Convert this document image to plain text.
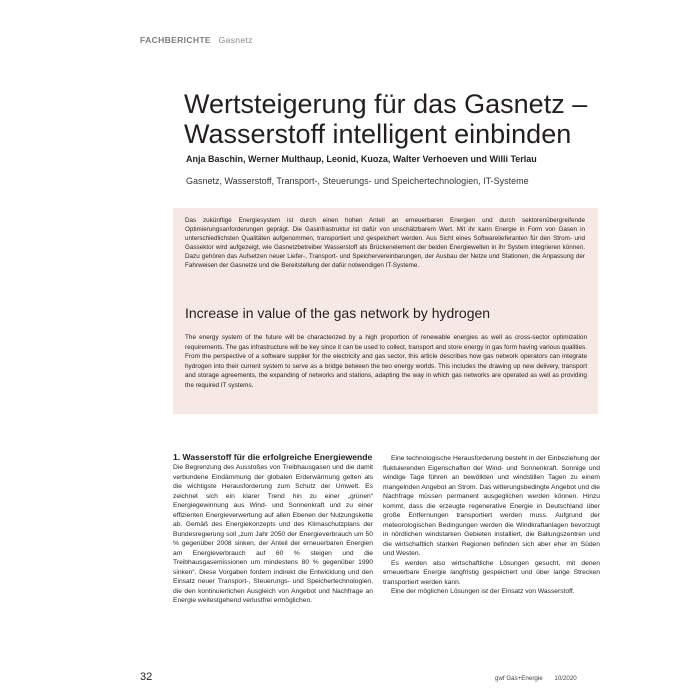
FACHBERICHTE Gasnetz
Wertsteigerung für das Gasnetz –
Wasserstoff intelligent einbinden
Anja Baschin, Werner Multhaup, Leonid, Kuoza, Walter Verhoeven und Willi Terlau
Gasnetz, Wasserstoff, Transport-, Steuerungs- und Speichertechnologien, IT-Systeme
Das zukünftige Energiesystem ist durch einen hohen Anteil an erneuerbaren Energien und durch sektorenübergreifende Optimierungsanforderungen geprägt. Die Gasinfrastruktur ist dafür von unschätzbarem Wert. Mit ihr kann Energie in Form von Gasen in unterschiedlichsten Qualitäten aufgenommen, transportiert und gespeichert werden. Aus Sicht eines Softwarelieferanten für den Strom- und Gassektor wird aufgezeigt, wie Gasnetzbetreiber Wasserstoff als Brückenelement der beiden Energiewelten in ihr System integrieren können. Dazu gehören das Aufsetzen neuer Liefer-, Transport- und Speichervereinbarungen, der Ausbau der Netze und Stationen, die Anpassung der Fahrweisen der Gasnetze und die Bereitstellung der dafür notwendigen IT-Systeme.
Increase in value of the gas network by hydrogen
The energy system of the future will be characterized by a high proportion of renewable energies as well as cross-sector optimization requirements. The gas infrastructure will be key since it can be used to collect, transport and store energy in gas form having various qualities. From the perspective of a software supplier for the electricity and gas sector, this article describes how gas network operators can integrate hydrogen into their current system to serve as a bridge between the two energy worlds. This includes the drawing up new delivery, transport and storage agreements, the expanding of networks and stations, adapting the way in which gas networks are operated as well as providing the required IT systems.
1. Wasserstoff für die erfolgreiche Energiewende

Die Begrenzung des Ausstoßes von Treibhausgasen und die damit verbundene Eindämmung der globalen Erderwärmung gelten als die wichtigste Herausforderung zum Schutz der Umwelt. Es zeichnet sich ein klarer Trend hin zu einer „grünen“ Energiegewinnung aus Wind- und Sonnenkraft und zu einer effizienten Energieverwertung auf allen Ebenen der Nutzungskette ab. Gemäß des Energiekonzepts und des Klimaschutzplans der Bundesregierung soll „zum Jahr 2050 der Energieverbrauch um 50 % gegenüber 2008 sinken, der Anteil der erneuerbaren Energien am Energieverbrauch auf 60 % steigen und die Treibhausgasemissionen um mindestens 80 % gegenüber 1990 sinken“. Diese Vorgaben fordern indirekt die Entwicklung und den Einsatz neuer Transport-, Steuerungs- und Speichertechnologien, die den kontinuierlichen Ausgleich von Angebot und Nachfrage an Energie weitestgehend verlustfrei ermöglichen.

Eine technologische Herausforderung besteht in der Einbeziehung der fluktuierenden Eigenschaften der Wind- und Sonnenkraft. Sonnige und windige Tage führen an bewölkten und windstillen Tagen zu einem mangelnden Angebot an Strom. Das witterungsbedingte Angebot und die Nachfrage müssen permanent ausgeglichen werden können. Hinzu kommt, dass die erzeugte regenerative Energie in Deutschland über große Entfernungen transportiert werden muss. Aufgrund der meteorologischen Bedingungen werden die Windkraftanlagen bevorzugt in nördlichen windstarken Gebieten installiert, die Ballungszentren und die wirtschaftlich starken Regionen befinden sich aber eher im Süden und Westen.

Es werden also wirtschaftliche Lösungen gesucht, mit denen erneuerbare Energie langfristig gespeichert und über lange Strecken transportiert werden kann.

Eine der möglichen Lösungen ist der Einsatz von Wasserstoff.

32	gwf Gas+Energie 10/2020
